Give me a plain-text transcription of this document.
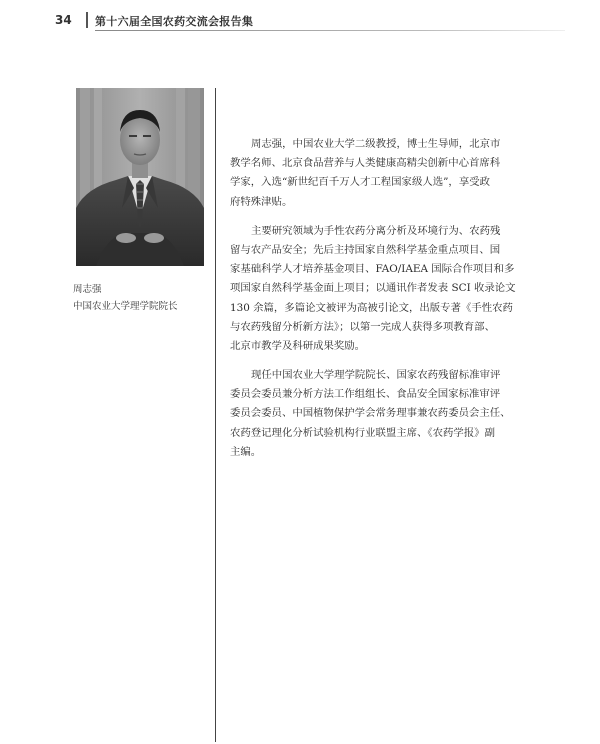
34 第十六届全国农药交流会报告集
周志强
中国农业大学理学院院长
周志强，中国农业大学二级教授，博士生导师，北京市
教学名师、北京食品营养与人类健康高精尖创新中心首席科
学家，入选“新世纪百千万人才工程国家级人选”，享受政
府特殊津贴。
主要研究领域为手性农药分离分析及环境行为、农药残
留与农产品安全；先后主持国家自然科学基金重点项目、国
家基础科学人才培养基金项目、FAO/IAEA 国际合作项目和多
项国家自然科学基金面上项目；以通讯作者发表 SCI 收录论文
130 余篇，多篇论文被评为高被引论文，出版专著《手性农药
与农药残留分析新方法》；以第一完成人获得多项教育部、
北京市教学及科研成果奖励。
现任中国农业大学理学院院长、国家农药残留标准审评
委员会委员兼分析方法工作组组长、食品安全国家标准审评
委员会委员、中国植物保护学会常务理事兼农药委员会主任、
农药登记理化分析试验机构行业联盟主席、《农药学报》副
主编。
